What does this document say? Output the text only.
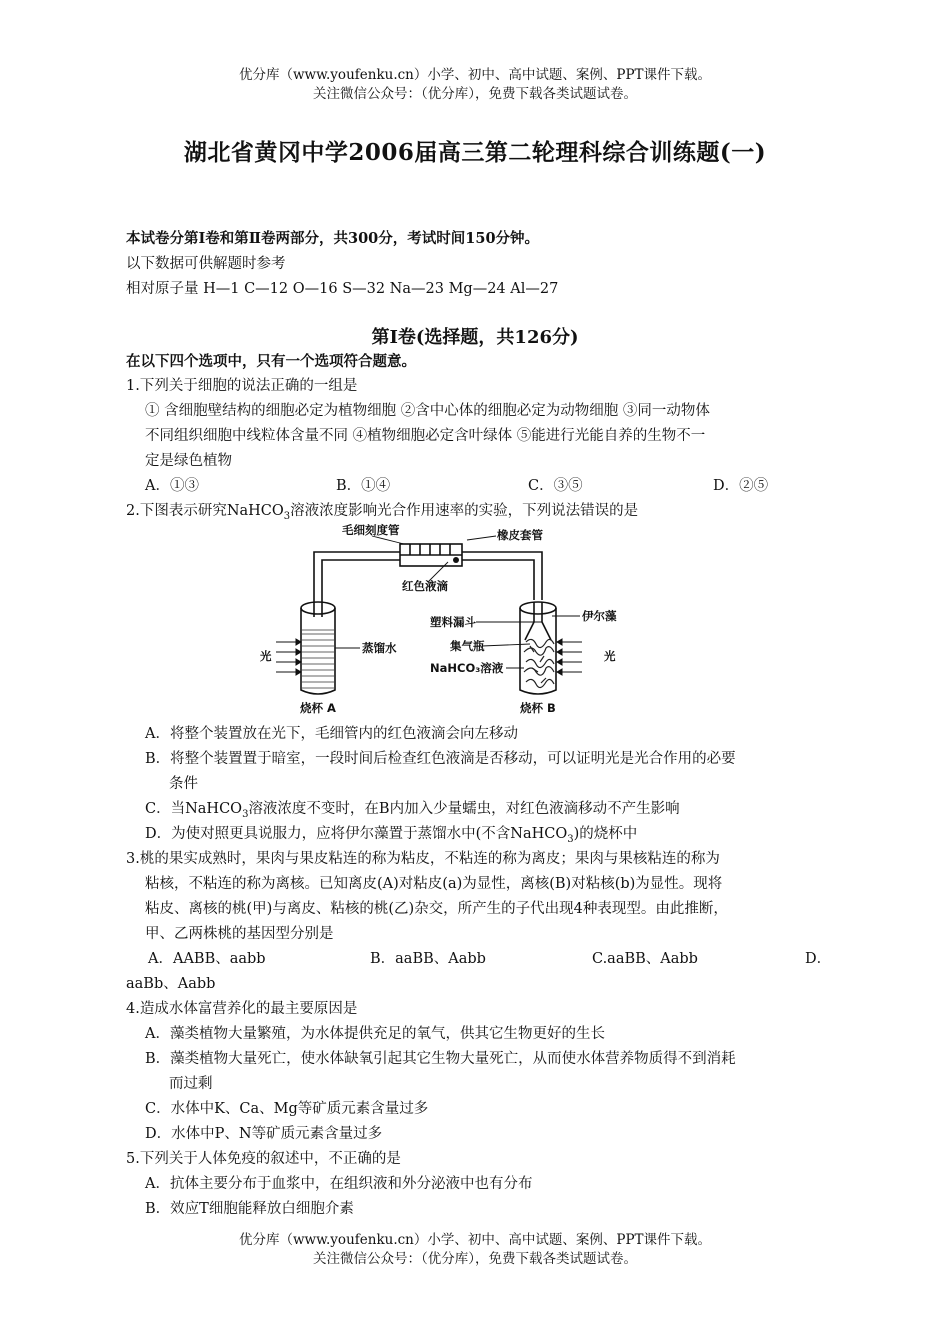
优分库（www.youfenku.cn）小学、初中、高中试题、案例、PPT课件下载。
关注微信公众号：（优分库），免费下载各类试题试卷。
湖北省黄冈中学2006届高三第二轮理科综合训练题(一)
本试卷分第Ⅰ卷和第Ⅱ卷两部分，共300分，考试时间150分钟。
以下数据可供解题时参考
相对原子量 H—1 C—12 O—16 S—32 Na—23 Mg—24 Al—27
第Ⅰ卷(选择题，共126分)
在以下四个选项中，只有一个选项符合题意。
1.下列关于细胞的说法正确的一组是
① 含细胞壁结构的细胞必定为植物细胞 ②含中心体的细胞必定为动物细胞 ③同一动物体
不同组织细胞中线粒体含量不同 ④植物细胞必定含叶绿体 ⑤能进行光能自养的生物不一
定是绿色植物
A．①③	B．①④	C．③⑤	D．②⑤
2.下图表示研究NaHCO$_3$溶液浓度影响光合作用速率的实验，下列说法错误的是
毛细刻度管	橡皮套管
红色液滴
塑料漏斗	伊尔藻
蒸馏水	集气瓶
NaHCO₃溶液
光	光
烧杯 A	烧杯 B
A．将整个装置放在光下，毛细管内的红色液滴会向左移动
B．将整个装置置于暗室，一段时间后检查红色液滴是否移动，可以证明光是光合作用的必要
条件
C．当NaHCO$_3$溶液浓度不变时，在B内加入少量蠕虫，对红色液滴移动不产生影响
D．为使对照更具说服力，应将伊尔藻置于蒸馏水中(不含NaHCO$_3$)的烧杯中
3.桃的果实成熟时，果肉与果皮粘连的称为粘皮，不粘连的称为离皮；果肉与果核粘连的称为
粘核，不粘连的称为离核。已知离皮(A)对粘皮(a)为显性，离核(B)对粘核(b)为显性。现将
粘皮、离核的桃(甲)与离皮、粘核的桃(乙)杂交，所产生的子代出现4种表现型。由此推断，
甲、乙两株桃的基因型分别是
A．AABB、aabb	B．aaBB、Aabb	C.aaBB、Aabb	D．
aaBb、Aabb
4.造成水体富营养化的最主要原因是
A．藻类植物大量繁殖，为水体提供充足的氧气，供其它生物更好的生长
B．藻类植物大量死亡，使水体缺氧引起其它生物大量死亡，从而使水体营养物质得不到消耗
而过剩
C．水体中K、Ca、Mg等矿质元素含量过多
D．水体中P、N等矿质元素含量过多
5.下列关于人体免疫的叙述中，不正确的是
A．抗体主要分布于血浆中，在组织液和外分泌液中也有分布
B．效应T细胞能释放白细胞介素
优分库（www.youfenku.cn）小学、初中、高中试题、案例、PPT课件下载。
关注微信公众号：（优分库），免费下载各类试题试卷。
